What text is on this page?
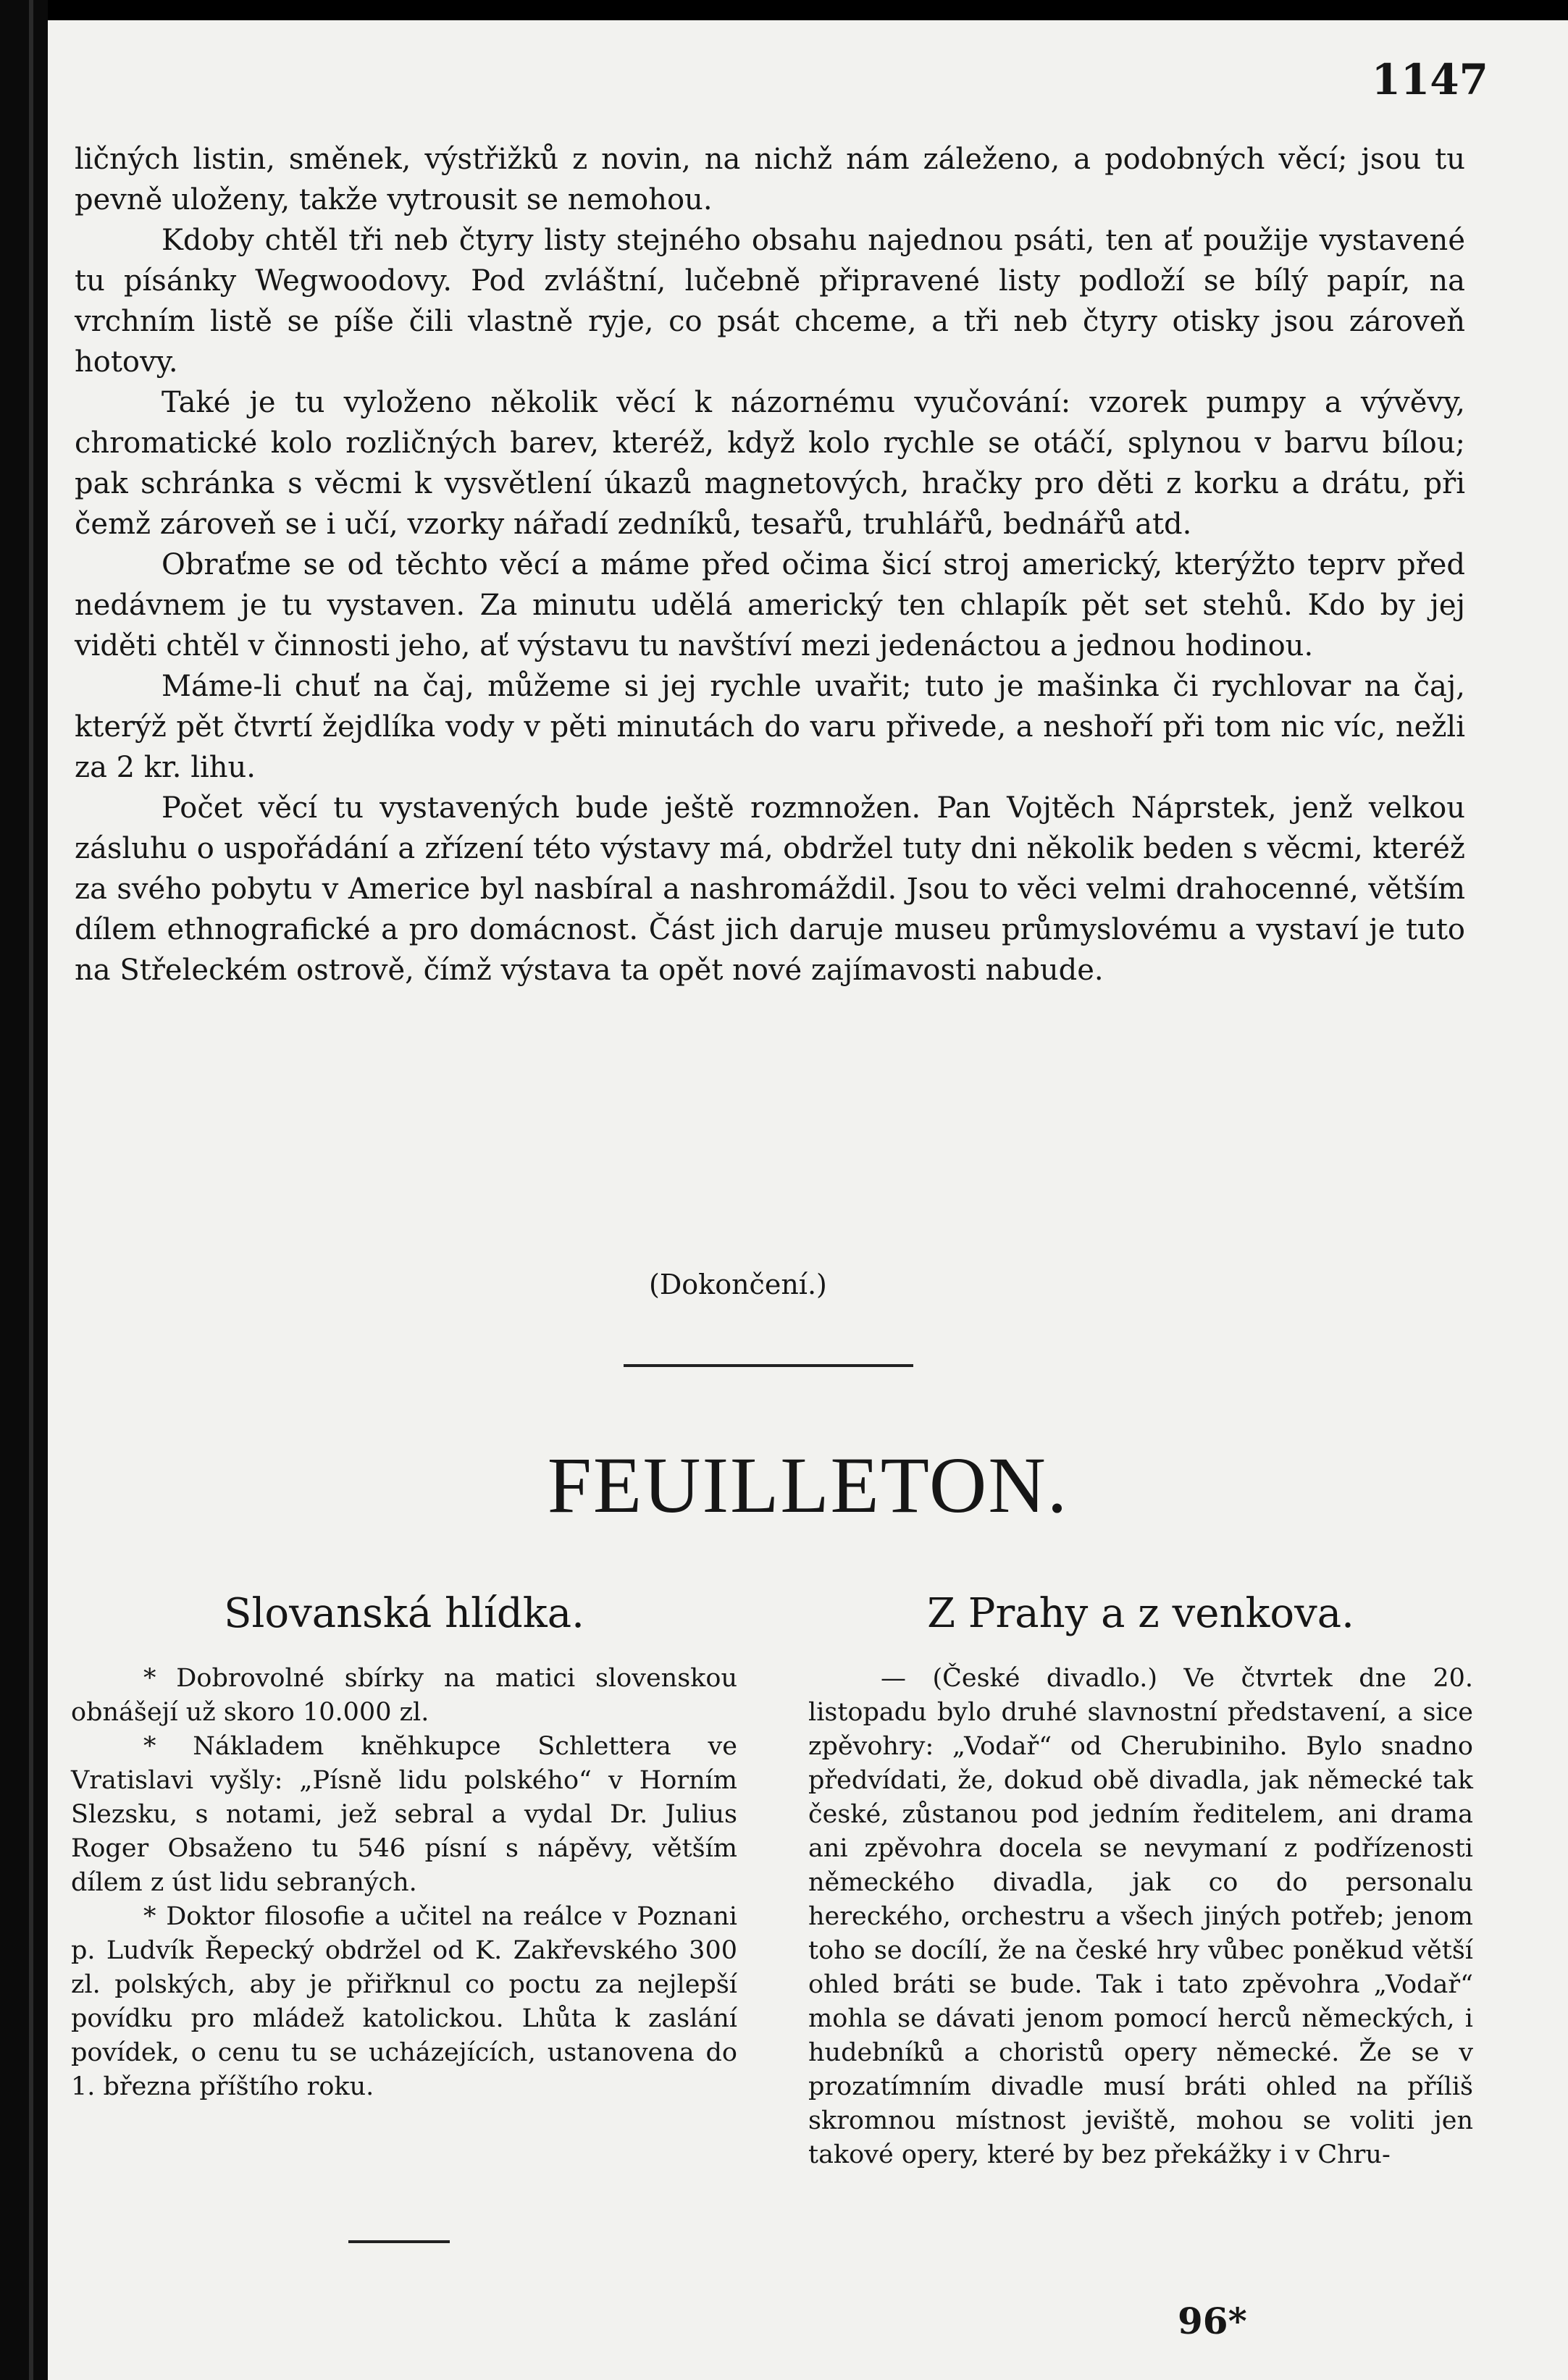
1147

ličných listin, směnek, výstřižků z novin, na nichž nám záleženo, a podobných věcí; jsou tu pevně uloženy, takže vytrousit se nemohou.

Kdoby chtěl tři neb čtyry listy stejného obsahu najednou psáti, ten ať použije vystavené tu písánky Wegwoodovy. Pod zvláštní, lučebně připravené listy podloží se bílý papír, na vrchním listě se píše čili vlastně ryje, co psát chceme, a tři neb čtyry otisky jsou zároveň hotovy.

Také je tu vyloženo několik věcí k názornému vyučování: vzorek pumpy a vývěvy, chromatické kolo rozličných barev, kteréž, když kolo rychle se otáčí, splynou v barvu bílou; pak schránka s věcmi k vysvětlení úkazů magnetových, hračky pro děti z korku a drátu, při čemž zároveň se i učí, vzorky nářadí zedníků, tesařů, truhlářů, bednářů atd.

Obraťme se od těchto věcí a máme před očima šicí stroj americký, kterýžto teprv před nedávnem je tu vystaven. Za minutu udělá americký ten chlapík pět set stehů. Kdo by jej viděti chtěl v činnosti jeho, ať výstavu tu navštíví mezi jedenáctou a jednou hodinou.

Máme-li chuť na čaj, můžeme si jej rychle uvařit; tuto je mašinka či rychlovar na čaj, kterýž pět čtvrtí žejdlíka vody v pěti minutách do varu přivede, a neshoří při tom nic víc, nežli za 2 kr. lihu.

Počet věcí tu vystavených bude ještě rozmnožen. Pan Vojtěch Náprstek, jenž velkou zásluhu o uspořádání a zřízení této výstavy má, obdržel tuty dni několik beden s věcmi, kteréž za svého pobytu v Americe byl nasbíral a nashromáždil. Jsou to věci velmi drahocenné, větším dílem ethnografické a pro domácnost. Část jich daruje museu průmyslovému a vystaví je tuto na Střeleckém ostrově, čímž výstava ta opět nové zajímavosti nabude.

(Dokončení.)
FEUILLETON.
Slovanská hlídka.

* Dobrovolné sbírky na matici slovenskou obnášejí už skoro 10.000 zl.

* Nákladem knĕhkupce Schlettera ve Vratislavi vyšly: „Písně lidu polského“ v Horním Slezsku, s notami, jež sebral a vydal Dr. Julius Roger Obsaženo tu 546 písní s nápěvy, větším dílem z úst lidu sebraných.

* Doktor filosofie a učitel na reálce v Poznani p. Ludvík Řepecký obdržel od K. Zakřevského 300 zl. polských, aby je přiřknul co poctu za nejlepší povídku pro mládež katolickou. Lhůta k zaslání povídek, o cenu tu se ucházejících, ustanovena do 1. března příštího roku.

Z Prahy a z venkova.

— (České divadlo.) Ve čtvrtek dne 20. listopadu bylo druhé slavnostní představení, a sice zpěvohry: „Vodař“ od Cherubiniho. Bylo snadno předvídati, že, dokud obě divadla, jak německé tak české, zůstanou pod jedním ředitelem, ani drama ani zpěvohra docela se nevymaní z podřízenosti německého divadla, jak co do personalu hereckého, orchestru a všech jiných potřeb; jenom toho se docílí, že na české hry vůbec poněkud větší ohled bráti se bude. Tak i tato zpěvohra „Vodař“ mohla se dávati jenom pomocí herců německých, i hudebníků a choristů opery německé. Že se v prozatímním divadle musí bráti ohled na příliš skromnou místnost jeviště, mohou se voliti jen takové opery, které by bez překážky i v Chru-

96*
